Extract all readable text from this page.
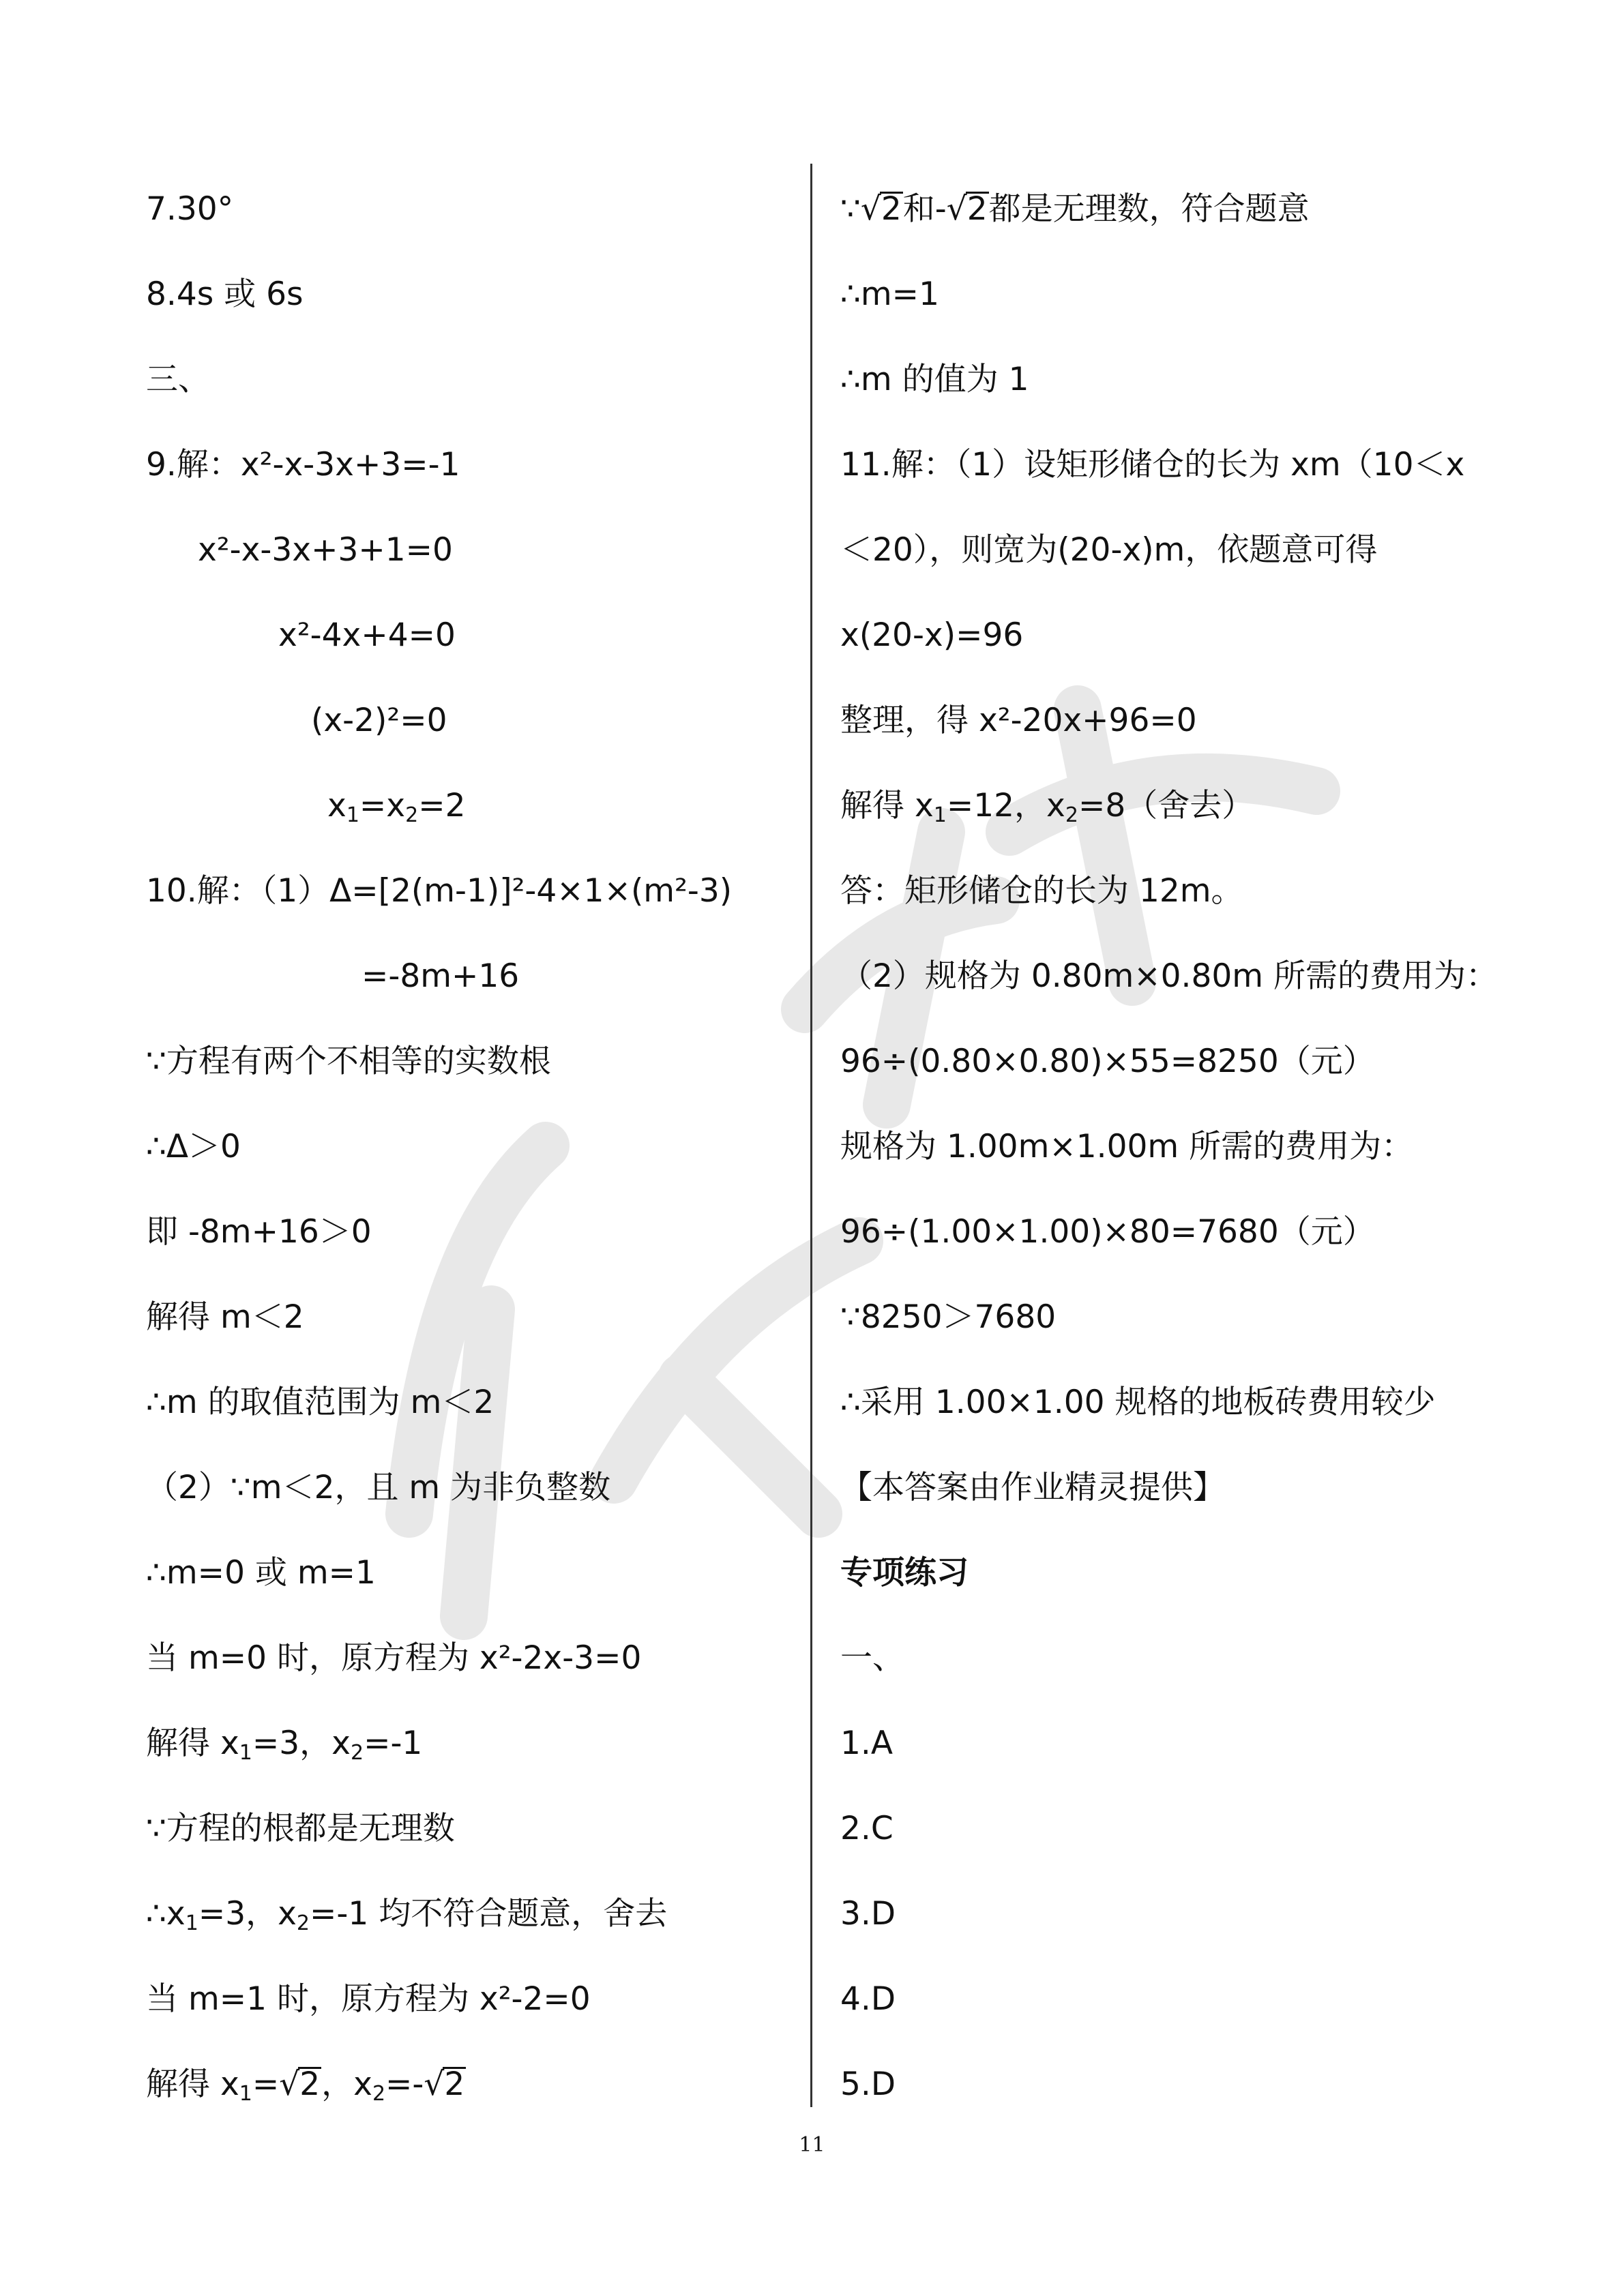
7.30°
8.4s 或 6s
三、
9.解：x²-x-3x+3=-1
x²-x-3x+3+1=0
x²-4x+4=0
(x-2)²=0
$x_1=x_2=2$
10.解：（1）Δ=[2(m-1)]²-4×1×(m²-3)
=-8m+16
∵方程有两个不相等的实数根
∴Δ＞0
即 -8m+16＞0
解得 m＜2
∴m 的取值范围为 m＜2
（2）∵m＜2，且 m 为非负整数
∴m=0 或 m=1
当 m=0 时，原方程为 x²-2x-3=0
解得 $x_1=3$，$x_2=-1$
∵方程的根都是无理数
$\therefore x_1=3$，$x_2=-1$ 均不符合题意，舍去
当 m=1 时，原方程为 x²-2=0
解得 $x_1=√2$，$x_2=-√2$
∵√2和-√2都是无理数，符合题意
∴m=1
∴m 的值为 1
11.解：（1）设矩形储仓的长为 xm（10＜x
＜20），则宽为(20-x)m，依题意可得
x(20-x)=96
整理，得 x²-20x+96=0
解得 $x_1=12$，$x_2=8$（舍去）
答：矩形储仓的长为 12m。
（2）规格为 0.80m×0.80m 所需的费用为：
96÷(0.80×0.80)×55=8250（元）
规格为 1.00m×1.00m 所需的费用为：
96÷(1.00×1.00)×80=7680（元）
∵8250＞7680
∴采用 1.00×1.00 规格的地板砖费用较少
【本答案由作业精灵提供】
专项练习
一、
1.A
2.C
3.D
4.D
5.D
11
